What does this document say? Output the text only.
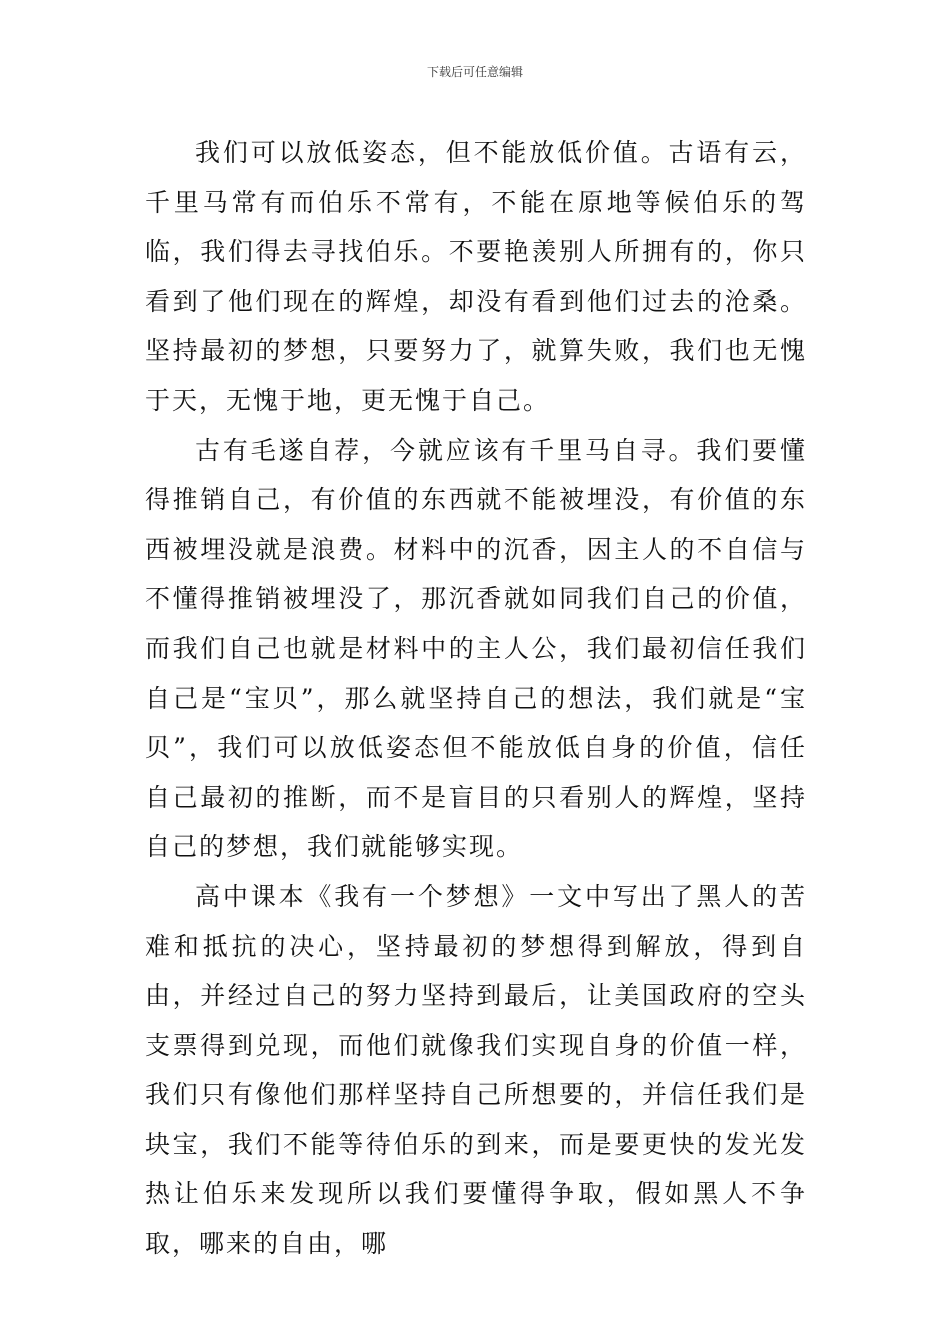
下载后可任意编辑

我们可以放低姿态，但不能放低价值。古语有云，千里马常有而伯乐不常有，不能在原地等候伯乐的驾临，我们得去寻找伯乐。不要艳羡别人所拥有的，你只看到了他们现在的辉煌，却没有看到他们过去的沧桑。坚持最初的梦想，只要努力了，就算失败，我们也无愧于天，无愧于地，更无愧于自己。

古有毛遂自荐，今就应该有千里马自寻。我们要懂得推销自己，有价值的东西就不能被埋没，有价值的东西被埋没就是浪费。材料中的沉香，因主人的不自信与不懂得推销被埋没了，那沉香就如同我们自己的价值，而我们自己也就是材料中的主人公，我们最初信任我们自己是“宝贝”，那么就坚持自己的想法，我们就是“宝贝”，我们可以放低姿态但不能放低自身的价值，信任自己最初的推断，而不是盲目的只看别人的辉煌，坚持自己的梦想，我们就能够实现。

高中课本《我有一个梦想》一文中写出了黑人的苦难和抵抗的决心，坚持最初的梦想得到解放，得到自由，并经过自己的努力坚持到最后，让美国政府的空头支票得到兑现，而他们就像我们实现自身的价值一样，我们只有像他们那样坚持自己所想要的，并信任我们是块宝，我们不能等待伯乐的到来，而是要更快的发光发热让伯乐来发现所以我们要懂得争取，假如黑人不争取，哪来的自由，哪
